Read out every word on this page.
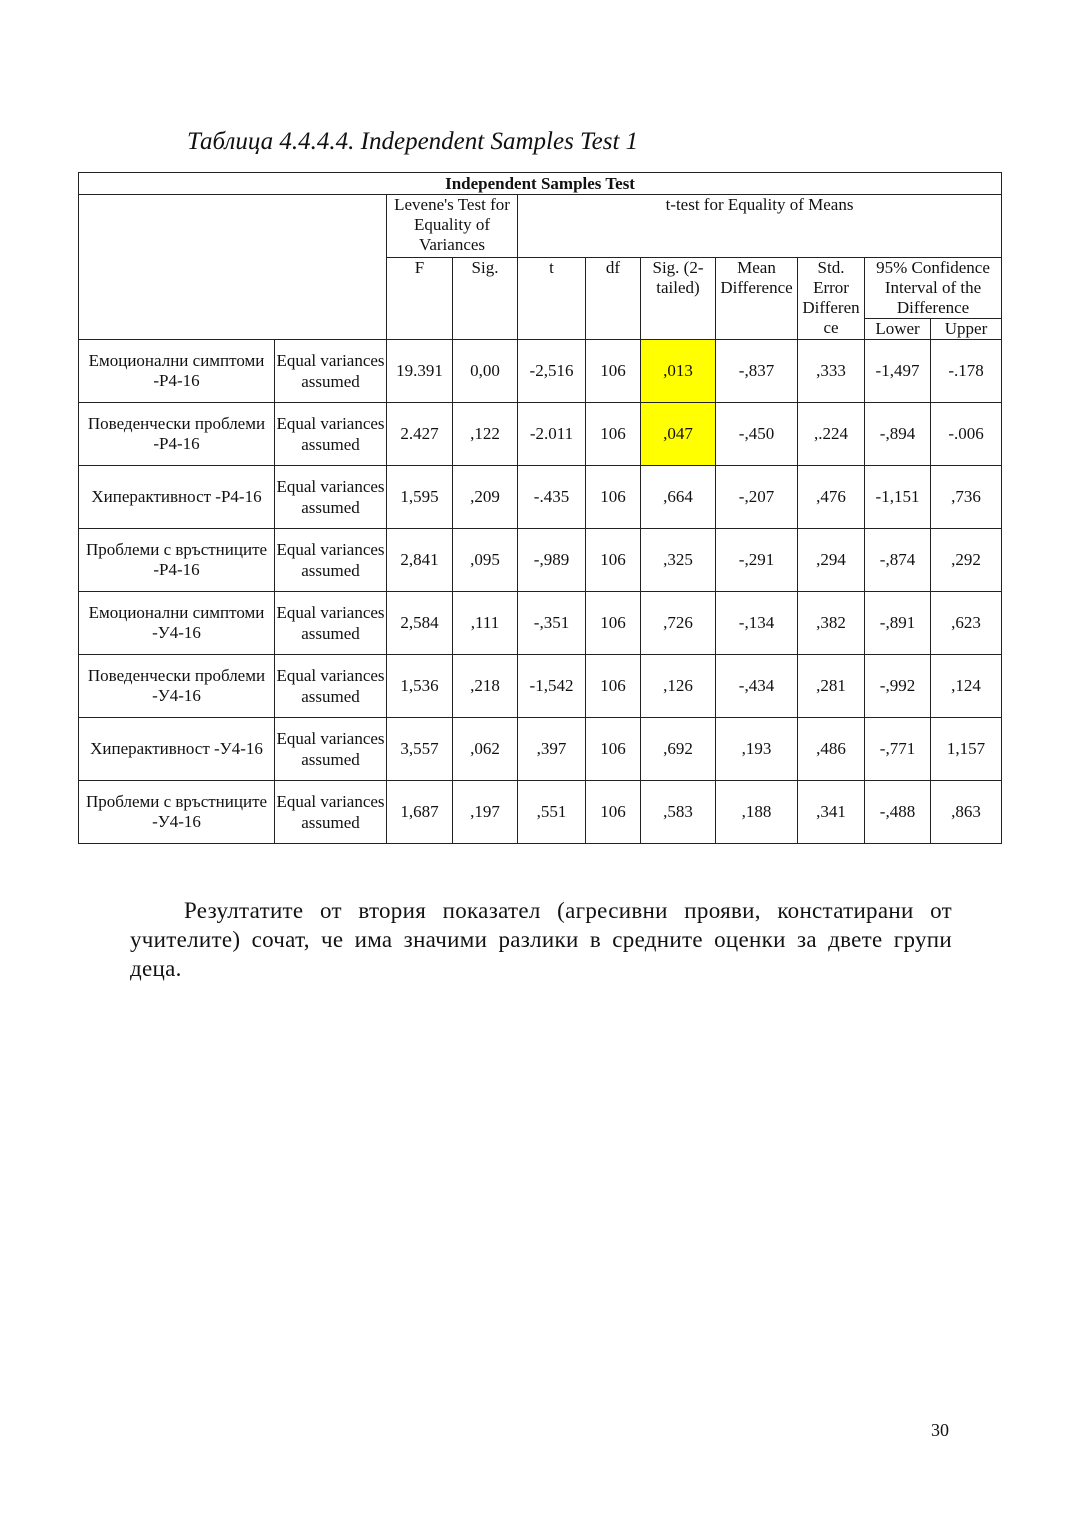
Таблица 4.4.4.4. Independent Samples Test 1
Independent Samples Test										
		Levene's Test for Equality of Variances		t-test for Equality of Means						
		F	Sig.	t	df	Sig. (2-tailed)	Mean Difference	Std. Error Differen ce	95% Confidence Interval of the Difference	
									Lower	Upper
Емоционални симптоми -Р4-16	Equal variances assumed	19.391	0,00	-2,516	106	,013	-,837	,333	-1,497	-.178
Поведенчески проблеми -Р4-16	Equal variances assumed	2.427	,122	-2.011	106	,047	-,450	,.224	-,894	-.006
Хиперактивност -Р4-16	Equal variances assumed	1,595	,209	-.435	106	,664	-,207	,476	-1,151	,736
Проблеми с връстниците -Р4-16	Equal variances assumed	2,841	,095	-,989	106	,325	-,291	,294	-,874	,292
Емоционални симптоми -У4-16	Equal variances assumed	2,584	,111	-,351	106	,726	-,134	,382	-,891	,623
Поведенчески проблеми -У4-16	Equal variances assumed	1,536	,218	-1,542	106	,126	-,434	,281	-,992	,124
Хиперактивност -У4-16	Equal variances assumed	3,557	,062	,397	106	,692	,193	,486	-,771	1,157
Проблеми с връстниците -У4-16	Equal variances assumed	1,687	,197	,551	106	,583	,188	,341	-,488	,863

Резултатите от втория показател (агресивни прояви, констатирани от учителите) сочат, че има значими разлики в средните оценки за двете групи деца.

30
